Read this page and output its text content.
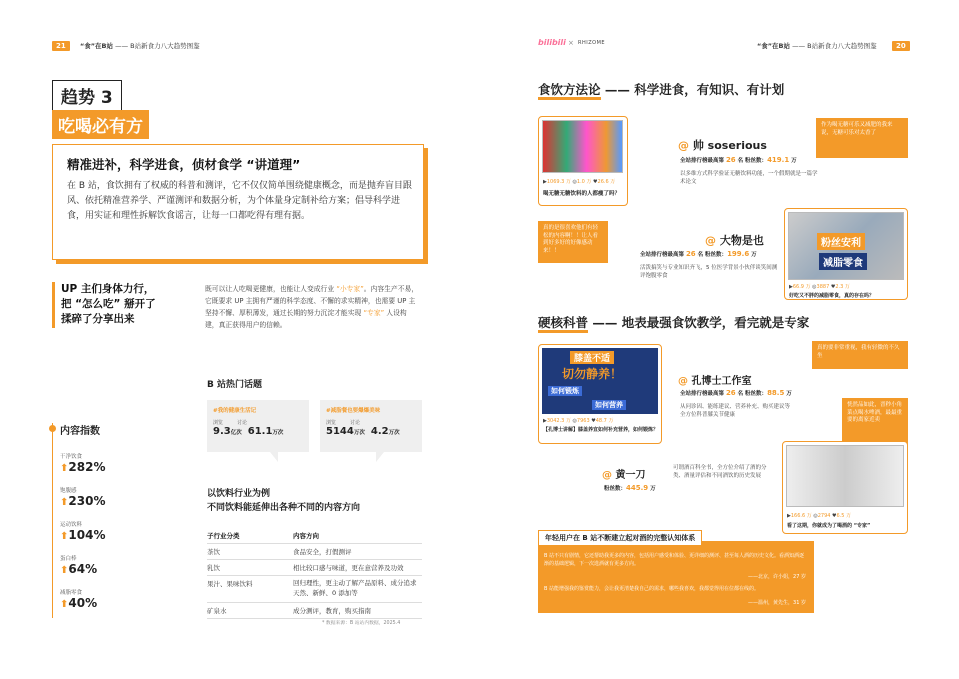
21	“食”在B站 —— B站新食力八大趋势图鉴
趋势 3
吃喝必有方
精准进补，科学进食，侦材食学 “讲道理”
在 B 站，食饮拥有了权威的科普和测评，它不仅仅简单围绕健康概念，而是抛弃盲目跟风、依托精准营养学、严谨测评和数据分析，为个体量身定制补给方案；倡导科学进食，用实证和理性拆解饮食谣言，让每一口都吃得有理有据。
UP 主们身体力行，
把 “怎么吃” 掰开了
揉碎了分享出来
既可以让人吃喝更健康，也能让人变成行业 “小专家”。内容生产不易，它既要求 UP 主拥有严谨的科学态度、不懈的求实精神，也需要 UP 主坚持不懈、厚积薄发，通过长期的努力沉淀才能实现 “专家” 人设构建，真正获得用户的信赖。
内容指数
干净饮食
⬆282%
饱腹感
⬆230%
运动饮料
⬆104%
蛋白棒
⬆64%
减脂零食
⬆40%
B 站热门话题
#我的健康生活记
浏览	讨论
9.3亿次 61.1万次
#减脂餐也要爆爆美味
浏览	讨论
5144万次 4.2万次
以饮料行业为例
不同饮料能延伸出各种不同的内容方向
子行业分类	内容方向
茶饮	食品安全，打假测评
乳饮	相比较口感与味道，更在意营养及功效
果汁、果味饮料	回归理性，更主动了解产品原料、成分追求天然、新鲜、0 添加等
矿泉水	成分测评，教育，购买指南
* 数据来源：B 站站内数据，2025.4
bilibili × RHIZOME	“食”在B站 —— B站新食力八大趋势图鉴	20
食饮方法论 —— 科学进食，有知识、有计划
▶1069.3 万 ◎1.0 万 ♥26.6 万
喝无糖无糖饮料的人都瘦了吗？
@ 帅 soserious
全站排行榜最高第 26 名 粉丝数：419.1 万
以多维方式科学验证无糖饮料功能，一个假期就是一篇学术论文
作为喝无糖可乐又减肥的我来说，无糖可乐对太香了
真的是很喜欢他们有轻松的内容啊！！让人看到好多好的好像感动来！！
@ 大物是也
全站排行榜最高第 26 名 粉丝数：199.6 万
活泼搞笑与专业知识齐飞，5 位医学背景小伙伴谈笑间测评饱腹零食
粉丝安利
减脂零食
▶66.9 万 ◎3887 ♥2.3 万
好吃又不胖的减脂零食，真的存在吗？
硬核科普 —— 地表最强食饮教学，看完就是专家
膝盖不适
切勿静养！
如何锻炼
如何营养
▶3042.3 万 ◎7963 ♥48.7 万
【孔博士讲解】膝盖养宜如何补充营养，如何锻炼？
@ 孔博士工作室
全站排行榜最高第 26 名 粉丝数：88.5 万
从问诊因、能练建议、营养补充、购买建议等全方位科普膝关节健康
真的要非常重视，我有轻微的不久坐
恍然品如此，晋秒小角菜点喝水啤酒，最最重要的离家近卖
@ 黄一刀
粉丝数：445.9 万
可谓酒百科全书，全方位介绍了酒的分类、酒量评估和不同酒饮的历史发展
▶166.6 万 ◎2794 ♥6.5 万
看了这期，你就成为了喝酒的 “专家”
年轻用户在 B 站不断建立起对酒的完整认知体系
B 站不只有剧情，它还帮助我更多的内容，包括用户感受和体验、更详细的测评、甚至每人酒的历史文化。看酒知酒逐渐的基础逻辑，下一次选酒就有更多方向。
——北京，许小姐，27 岁
B 站能增强我的鉴赏能力，会让我更清楚我自己的需求，哪些我喜欢，我都觉得用在位都在线的。
——温州，黄先生，31 岁
